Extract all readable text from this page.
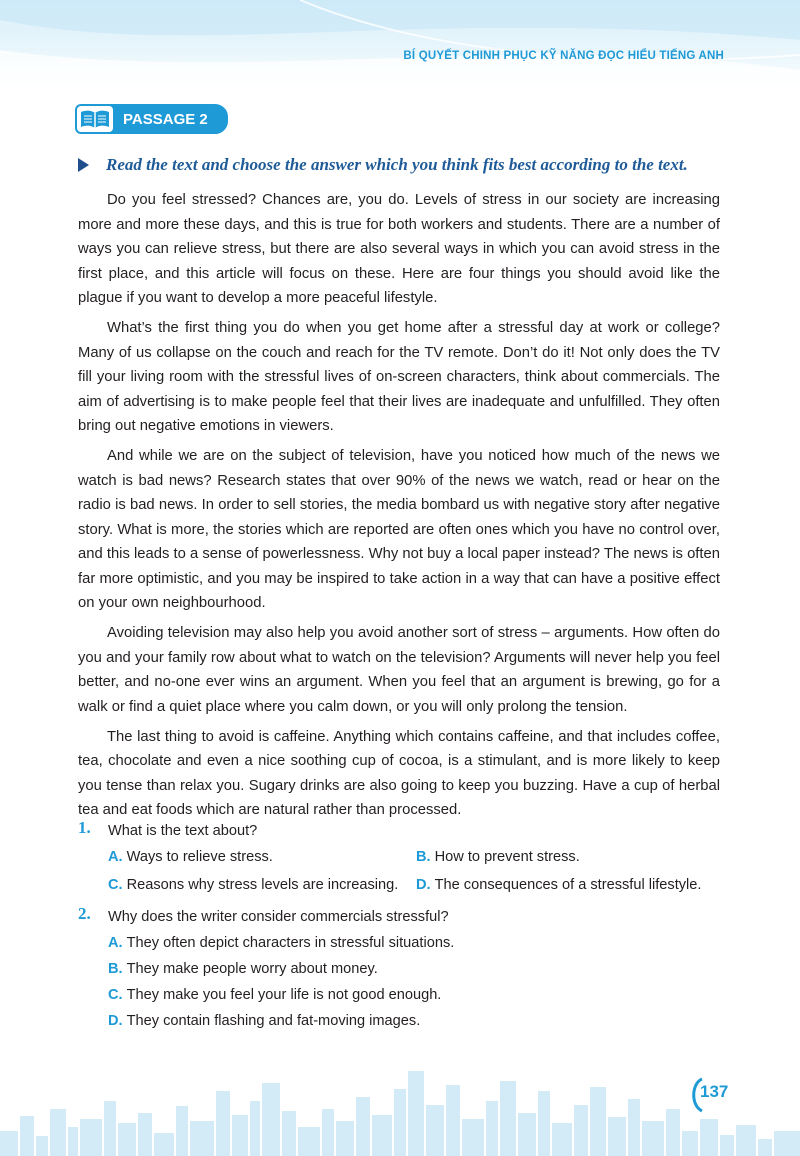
BÍ QUYẾT CHINH PHỤC KỸ NĂNG ĐỌC HIỂU TIẾNG ANH
PASSAGE 2
Read the text and choose the answer which you think fits best according to the text.

Do you feel stressed? Chances are, you do. Levels of stress in our society are increasing more and more these days, and this is true for both workers and students. There are a number of ways you can relieve stress, but there are also several ways in which you can avoid stress in the first place, and this article will focus on these. Here are four things you should avoid like the plague if you want to develop a more peaceful lifestyle.

What’s the first thing you do when you get home after a stressful day at work or college? Many of us collapse on the couch and reach for the TV remote. Don’t do it! Not only does the TV fill your living room with the stressful lives of on-screen characters, think about commercials. The aim of advertising is to make people feel that their lives are inadequate and unfulfilled. They often bring out negative emotions in viewers.

And while we are on the subject of television, have you noticed how much of the news we watch is bad news? Research states that over 90% of the news we watch, read or hear on the radio is bad news. In order to sell stories, the media bombard us with negative story after negative story. What is more, the stories which are reported are often ones which you have no control over, and this leads to a sense of powerlessness. Why not buy a local paper instead? The news is often far more optimistic, and you may be inspired to take action in a way that can have a positive effect on your own neighbourhood.

Avoiding television may also help you avoid another sort of stress – arguments. How often do you and your family row about what to watch on the television? Arguments will never help you feel better, and no-one ever wins an argument. When you feel that an argument is brewing, go for a walk or find a quiet place where you calm down, or you will only prolong the tension.

The last thing to avoid is caffeine. Anything which contains caffeine, and that includes coffee, tea, chocolate and even a nice soothing cup of cocoa, is a stimulant, and is more likely to keep you tense than relax you. Sugary drinks are also going to keep you buzzing. Have a cup of herbal tea and eat foods which are natural rather than processed.

1.	What is the text about?
A. Ways to relieve stress.	B. How to prevent stress.
C. Reasons why stress levels are increasing.	D. The consequences of a stressful lifestyle.
2.	Why does the writer consider commercials stressful?
A. They often depict characters in stressful situations.
B. They make people worry about money.
C. They make you feel your life is not good enough.
D. They contain flashing and fat-moving images.
137
